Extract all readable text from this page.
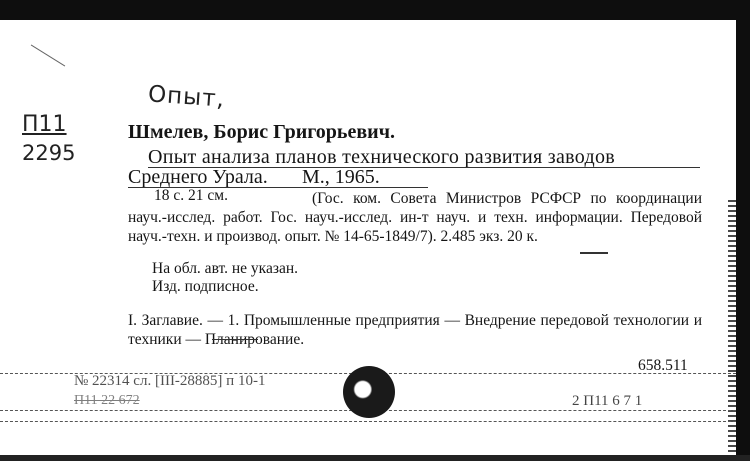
Опыт,
П11
2295
Шмелев, Борис Григорьевич.
Опыт анализа планов технического развития заводов
Среднего Урала. М., 1965.
18 с. 21 см.	(Гос. ком. Совета Министров РСФСР по координации науч.-исслед. работ. Гос. науч.-исслед. ин-т науч. и техн. информации. Передовой науч.-техн. и производ. опыт. № 14-65-1849/7). 2.485 экз. 20 к.
На обл. авт. не указан.
Изд. подписное.
I. Заглавие. — 1. Промышленные предприятия — Внедрение передовой технологии и техники — Планирование.
658.511
№ 22314 сл. [III-28885] п 10-1
П11 22 672	2 П11 6 7 1
